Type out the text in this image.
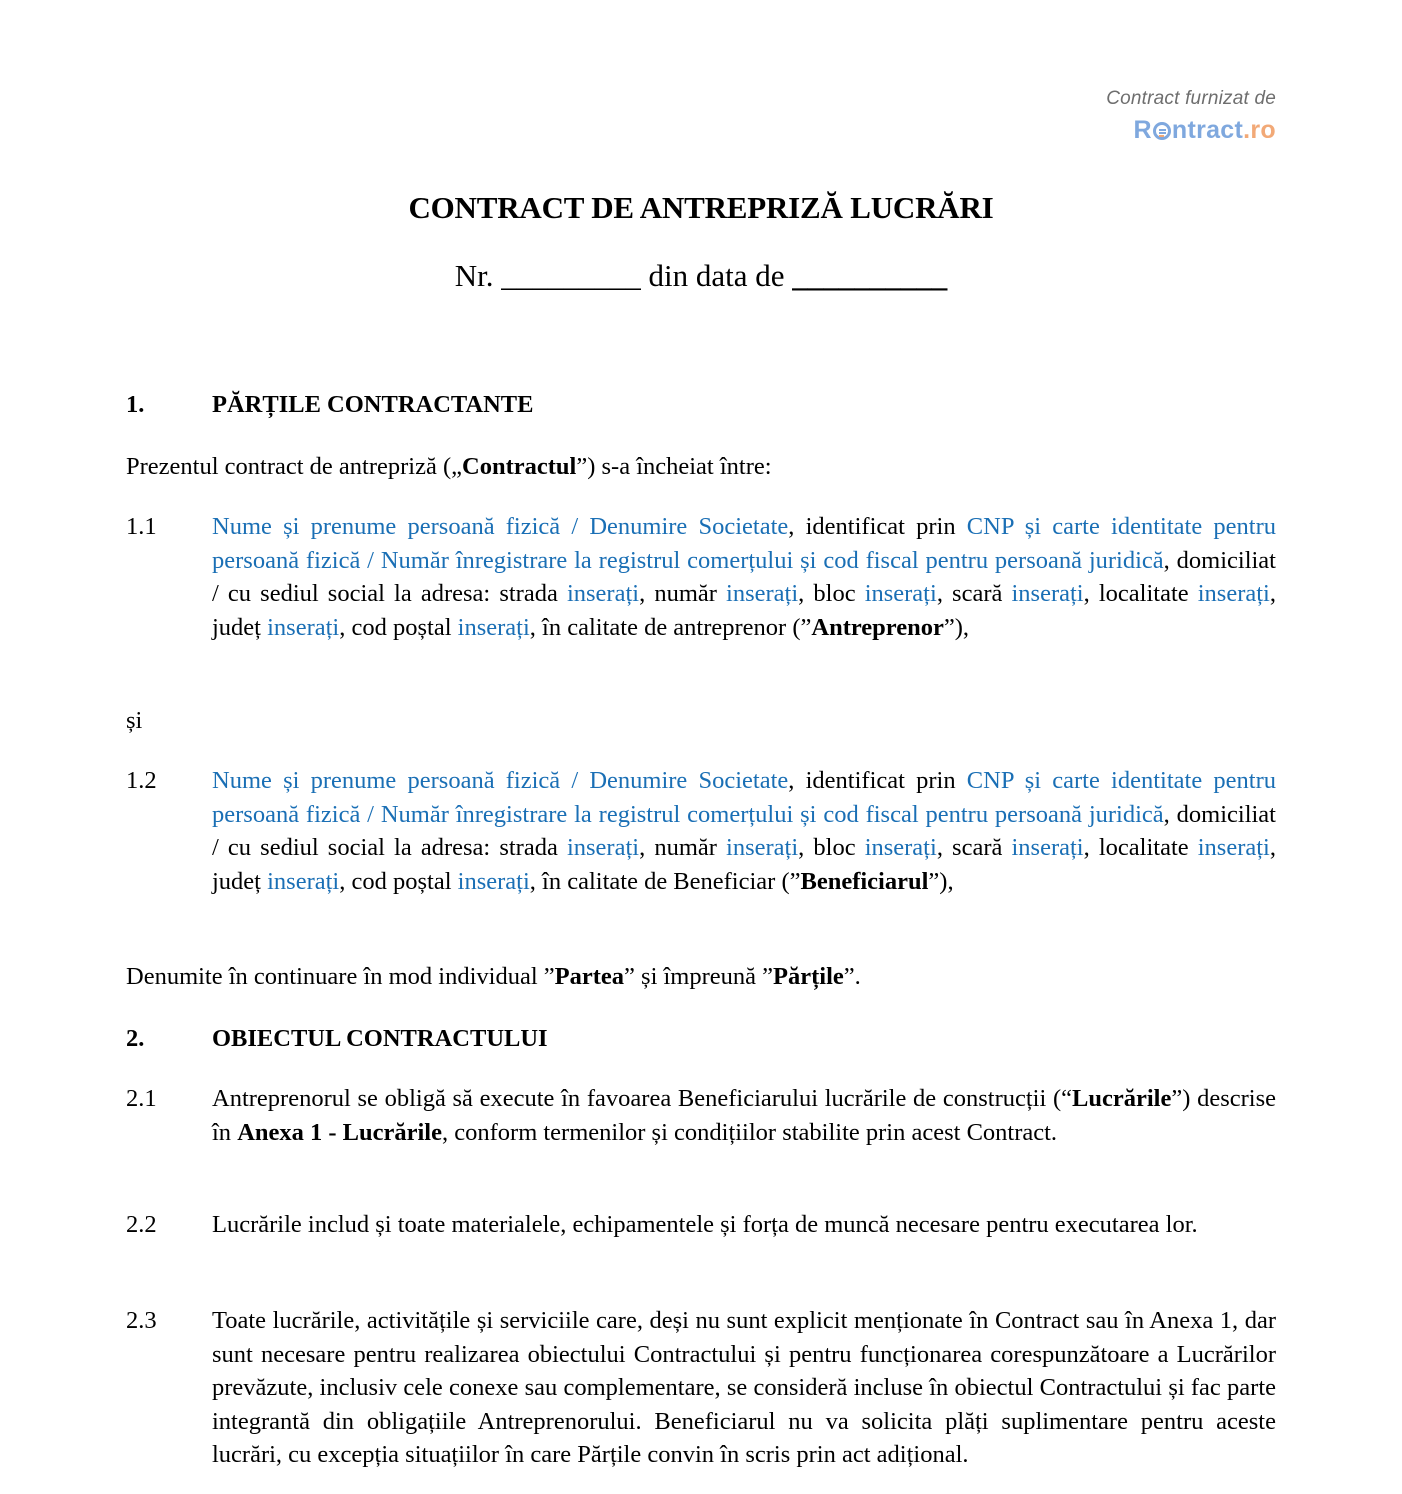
Contract furnizat de
R ntract .ro
CONTRACT DE ANTREPRIZĂ LUCRĂRI
Nr. _________ din data de __________
1.	PĂRȚILE CONTRACTANTE
Prezentul contract de antrepriză („Contractul”) s-a încheiat între:
1.1	Nume și prenume persoană fizică / Denumire Societate, identificat prin CNP și carte identitate pentru persoană fizică / Număr înregistrare la registrul comerțului și cod fiscal pentru persoană juridică, domiciliat / cu sediul social la adresa: strada inserați, număr inserați, bloc inserați, scară inserați, localitate inserați, județ inserați, cod poștal inserați, în calitate de antreprenor (”Antreprenor”),
și
1.2	Nume și prenume persoană fizică / Denumire Societate, identificat prin CNP și carte identitate pentru persoană fizică / Număr înregistrare la registrul comerțului și cod fiscal pentru persoană juridică, domiciliat / cu sediul social la adresa: strada inserați, număr inserați, bloc inserați, scară inserați, localitate inserați, județ inserați, cod poștal inserați, în calitate de Beneficiar (”Beneficiarul”),
Denumite în continuare în mod individual ”Partea” și împreună ”Părțile”.
2.	OBIECTUL CONTRACTULUI
2.1	Antreprenorul se obligă să execute în favoarea Beneficiarului lucrările de construcții (“Lucrările”) descrise în Anexa 1 - Lucrările, conform termenilor și condițiilor stabilite prin acest Contract.
2.2	Lucrările includ și toate materialele, echipamentele și forța de muncă necesare pentru executarea lor.
2.3	Toate lucrările, activitățile și serviciile care, deși nu sunt explicit menționate în Contract sau în Anexa 1, dar sunt necesare pentru realizarea obiectului Contractului și pentru funcționarea corespunzătoare a Lucrărilor prevăzute, inclusiv cele conexe sau complementare, se consideră incluse în obiectul Contractului și fac parte integrantă din obligațiile Antreprenorului. Beneficiarul nu va solicita plăți suplimentare pentru aceste lucrări, cu excepția situațiilor în care Părțile convin în scris prin act adițional.
